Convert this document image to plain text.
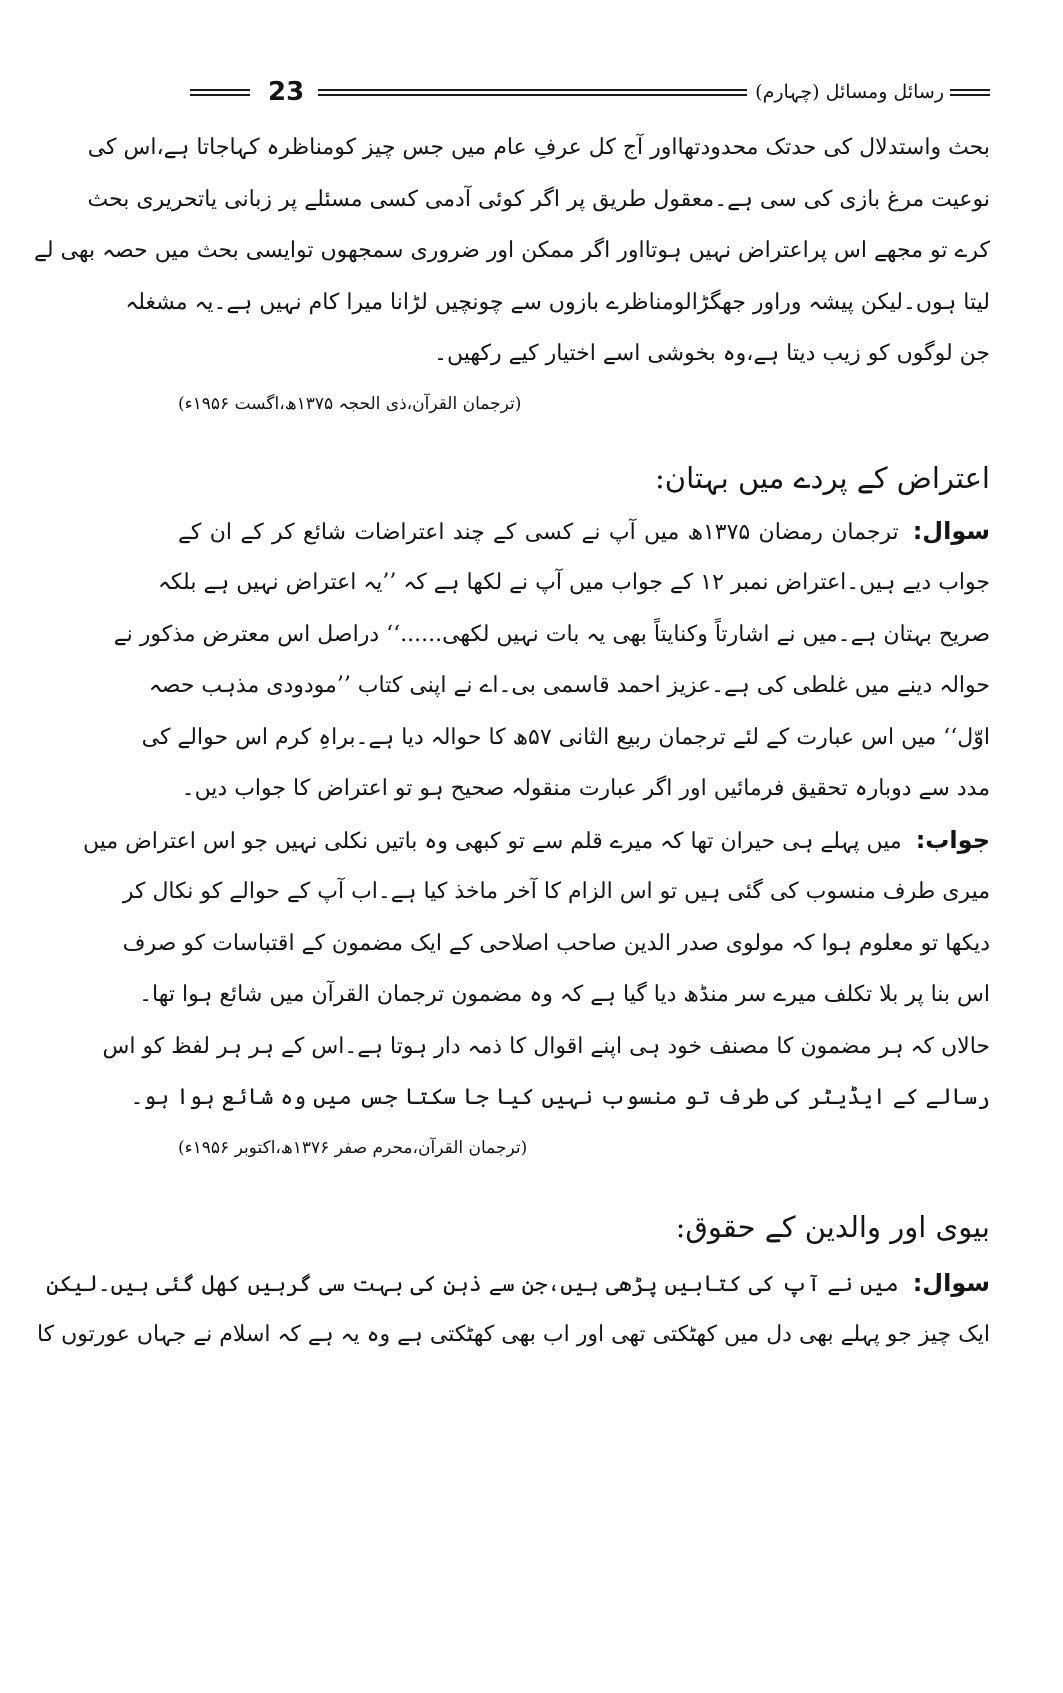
23	رسائل ومسائل (چہارم)
بحث واستدلال کی حدتک محدودتھااور آج کل عرفِ عام میں جس چیز کومناظرہ کہاجاتا ہے،اس کی
نوعیت مرغ بازی کی سی ہے۔معقول طریق پر اگر کوئی آدمی کسی مسئلے پر زبانی یاتحریری بحث
کرے تو مجھے اس پراعتراض نہیں ہوتااور اگر ممکن اور ضروری سمجھوں توایسی بحث میں حصہ بھی لے
لیتا ہوں۔لیکن پیشہ وراور جھگڑالومناظرے بازوں سے چونچیں لڑانا میرا کام نہیں ہے۔یہ مشغلہ
جن لوگوں کو زیب دیتا ہے،وہ بخوشی اسے اختیار کیے رکھیں۔
(ترجمان القرآن،ذی الحجہ ۱۳۷۵ھ،اگست ۱۹۵۶ء)
اعتراض کے پردے میں بہتان:
سوال:ترجمان رمضان ۱۳۷۵ھ میں آپ نے کسی کے چند اعتراضات شائع کر کے ان کے
جواب دیے ہیں۔اعتراض نمبر ۱۲ کے جواب میں آپ نے لکھا ہے کہ ’’یہ اعتراض نہیں ہے بلکہ
صریح بہتان ہے۔میں نے اشارتاً وکنایتاً بھی یہ بات نہیں لکھی......‘‘ دراصل اس معترض مذکور نے
حوالہ دینے میں غلطی کی ہے۔عزیز احمد قاسمی بی۔اے نے اپنی کتاب ’’مودودی مذہب حصہ
اوّل‘‘ میں اس عبارت کے لئے ترجمان ربیع الثانی ۵۷ھ کا حوالہ دیا ہے۔براہِ کرم اس حوالے کی
مدد سے دوبارہ تحقیق فرمائیں اور اگر عبارت منقولہ صحیح ہو تو اعتراض کا جواب دیں۔
جواب:میں پہلے ہی حیران تھا کہ میرے قلم سے تو کبھی وہ باتیں نکلی نہیں جو اس اعتراض میں
میری طرف منسوب کی گئی ہیں تو اس الزام کا آخر ماخذ کیا ہے۔اب آپ کے حوالے کو نکال کر
دیکھا تو معلوم ہوا کہ مولوی صدر الدین صاحب اصلاحی کے ایک مضمون کے اقتباسات کو صرف
اس بنا پر بلا تکلف میرے سر منڈھ دیا گیا ہے کہ وہ مضمون ترجمان القرآن میں شائع ہوا تھا۔
حالاں کہ ہر مضمون کا مصنف خود ہی اپنے اقوال کا ذمہ دار ہوتا ہے۔اس کے ہر ہر لفظ کو اس
رسالے کے ایڈیٹر کی طرف تو منسوب نہیں کیا جا سکتا جس میں وہ شائع ہوا ہو۔
(ترجمان القرآن،محرم صفر ۱۳۷۶ھ،اکتوبر ۱۹۵۶ء)
بیوی اور والدین کے حقوق:
سوال:میں نے آپ کی کتابیں پڑھی ہیں،جن سے ذہن کی بہت سی گرہیں کھل گئی ہیں۔لیکن
ایک چیز جو پہلے بھی دل میں کھٹکتی تھی اور اب بھی کھٹکتی ہے وہ یہ ہے کہ اسلام نے جہاں عورتوں کا
